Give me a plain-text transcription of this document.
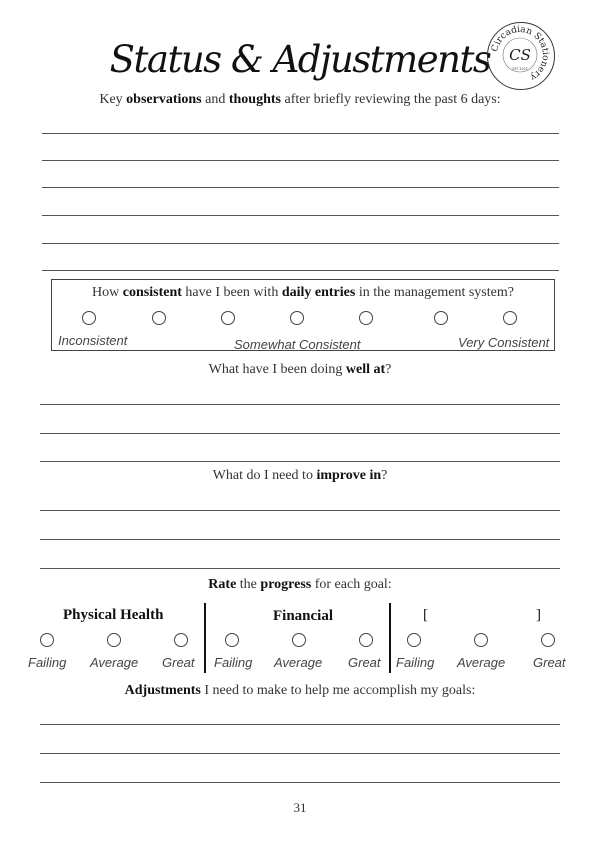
Status & Adjustments Circadian Stationery
CS
EST 2023
Key observations and thoughts after briefly reviewing the past 6 days:
How consistent have I been with daily entries in the management system?
Inconsistent	Somewhat Consistent	Very Consistent
What have I been doing well at?
What do I need to improve in?
Rate the progress for each goal:
Physical Health	Financial	[	]
Failing Average Great Failing Average Great Failing Average Great
Adjustments I need to make to help me accomplish my goals:
31
